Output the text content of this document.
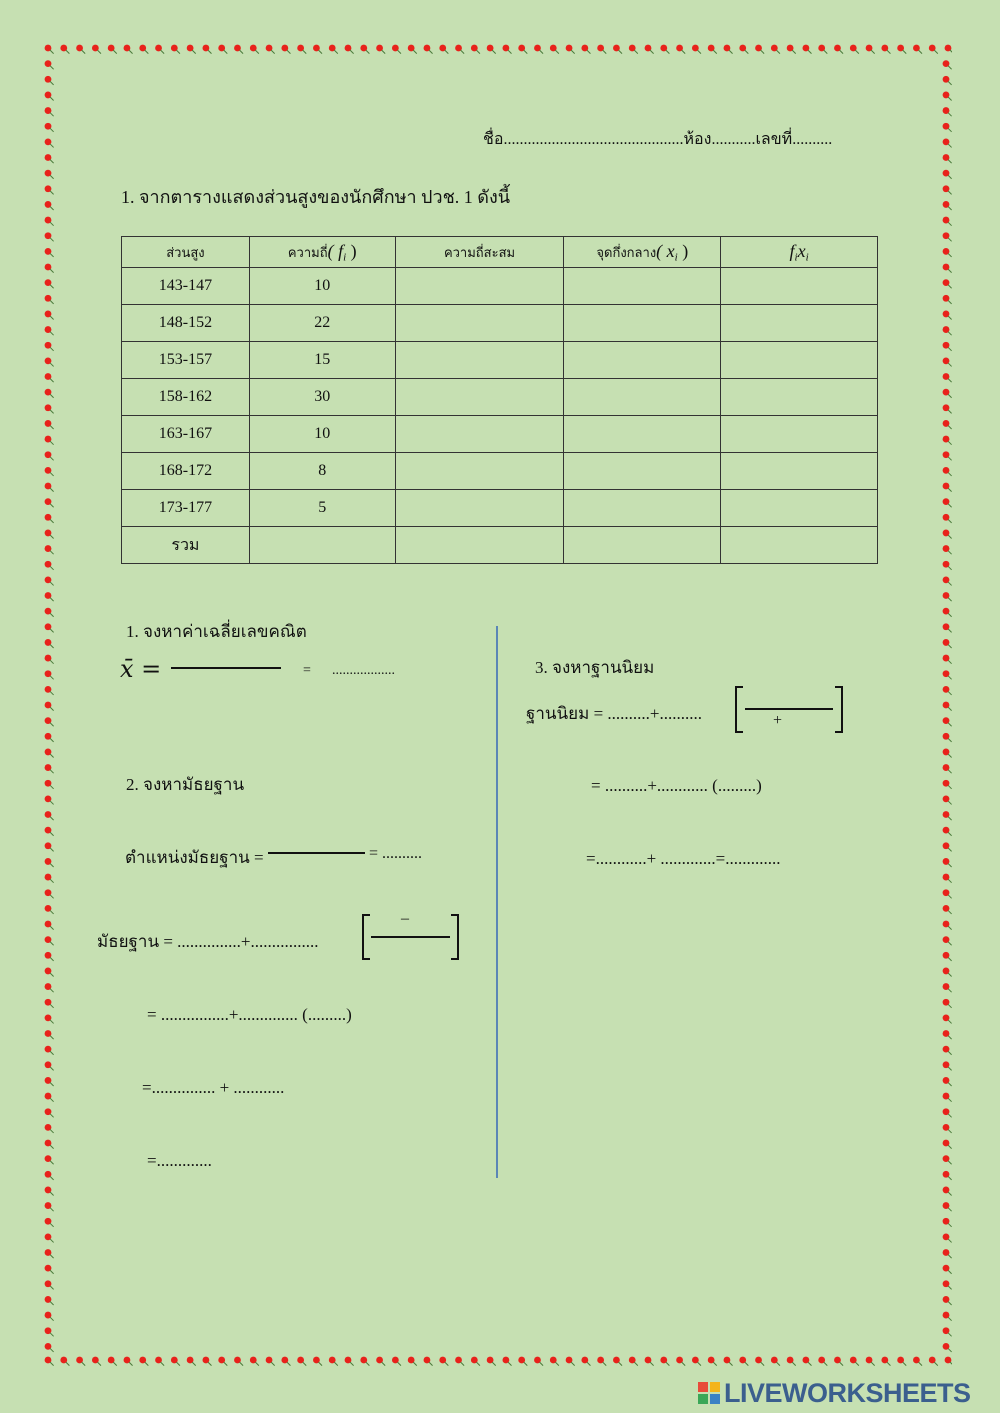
ชื่อ.............................................ห้อง...........เลขที่..........
1. จากตารางแสดงส่วนสูงของนักศึกษา ปวช. 1 ดังนี้
ส่วนสูง	ความถี่( $f_i$ )	ความถี่สะสม	จุดกึ่งกลาง( $x_i$ )	$f_ix_i$
143-147	10			
148-152	22			
153-157	15			
158-162	30			
163-167	10			
168-172	8			
173-177	5			
รวม				
1. จงหาค่าเฉลี่ยเลขคณิต
x̄ =	= ..................
2. จงหามัธยฐาน
ตำแหน่งมัธยฐาน =	= ..........
มัธยฐาน = ...............+................
–
= ................+.............. (.........)
=............... + ............
=.............
3. จงหาฐานนิยม
ฐานนิยม = ..........+..........	+
= ..........+............ (.........)
=............+ .............=.............
LIVEWORKSHEETS
